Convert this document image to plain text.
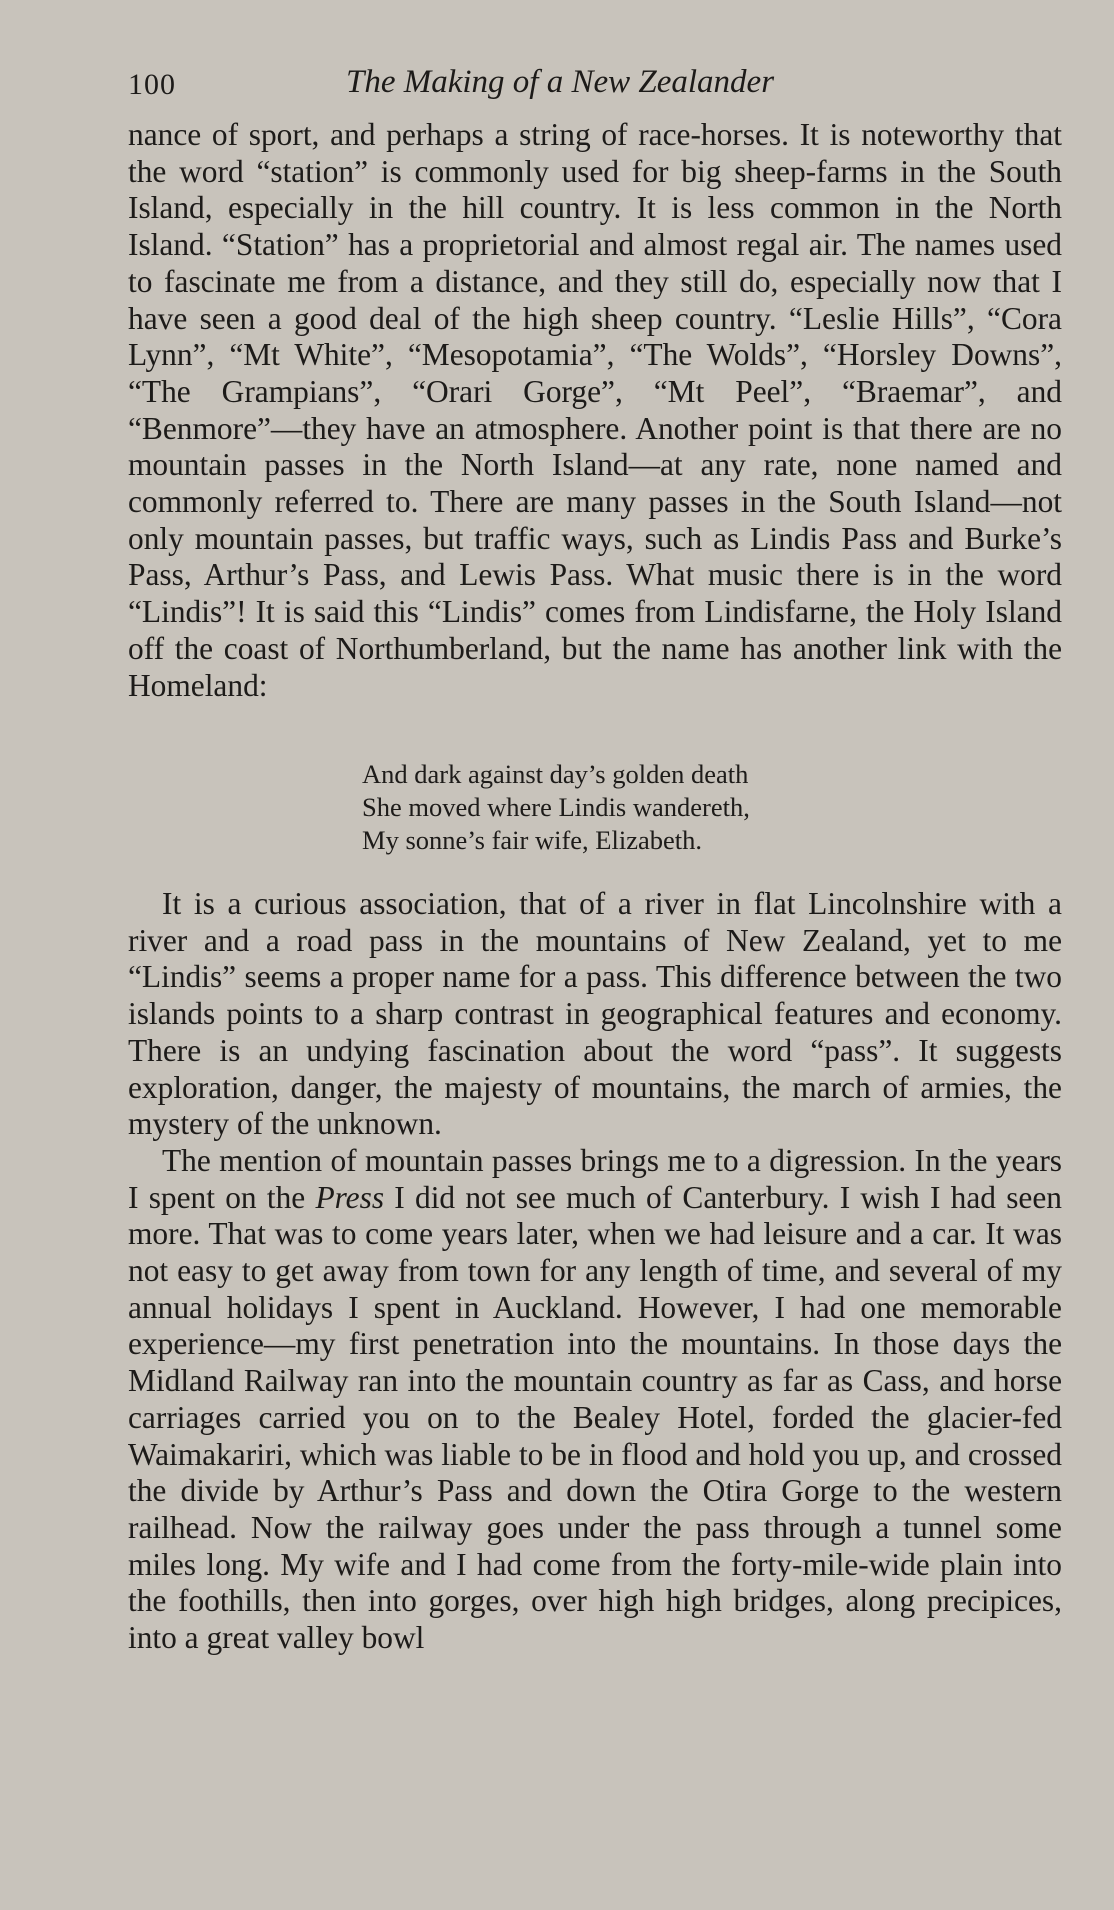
100	The Making of a New Zealander

nance of sport, and perhaps a string of race-horses. It is noteworthy that the word “station” is commonly used for big sheep-farms in the South Island, especially in the hill country. It is less common in the North Island. “Station” has a proprietorial and almost regal air. The names used to fascinate me from a distance, and they still do, especially now that I have seen a good deal of the high sheep country. “Leslie Hills”, “Cora Lynn”, “Mt White”, “Mesopotamia”, “The Wolds”, “Horsley Downs”, “The Grampians”, “Orari Gorge”, “Mt Peel”, “Braemar”, and “Benmore”—they have an atmosphere. Another point is that there are no mountain passes in the North Island—at any rate, none named and commonly referred to. There are many passes in the South Island—not only mountain passes, but traffic ways, such as Lindis Pass and Burke’s Pass, Arthur’s Pass, and Lewis Pass. What music there is in the word “Lindis”! It is said this “Lindis” comes from Lindisfarne, the Holy Island off the coast of Northumberland, but the name has another link with the Homeland:

And dark against day’s golden death
She moved where Lindis wandereth,
My sonne’s fair wife, Elizabeth.

It is a curious association, that of a river in flat Lincolnshire with a river and a road pass in the mountains of New Zealand, yet to me “Lindis” seems a proper name for a pass. This difference between the two islands points to a sharp contrast in geographical features and economy. There is an undying fascination about the word “pass”. It suggests exploration, danger, the majesty of mountains, the march of armies, the mystery of the unknown.

The mention of mountain passes brings me to a digression. In the years I spent on the Press I did not see much of Canterbury. I wish I had seen more. That was to come years later, when we had leisure and a car. It was not easy to get away from town for any length of time, and several of my annual holidays I spent in Auckland. However, I had one memorable experience—my first penetration into the mountains. In those days the Midland Railway ran into the mountain country as far as Cass, and horse carriages carried you on to the Bealey Hotel, forded the glacier-fed Waimakariri, which was liable to be in flood and hold you up, and crossed the divide by Arthur’s Pass and down the Otira Gorge to the western railhead. Now the railway goes under the pass through a tunnel some miles long. My wife and I had come from the forty-mile-wide plain into the foothills, then into gorges, over high high bridges, along precipices, into a great valley bowl
